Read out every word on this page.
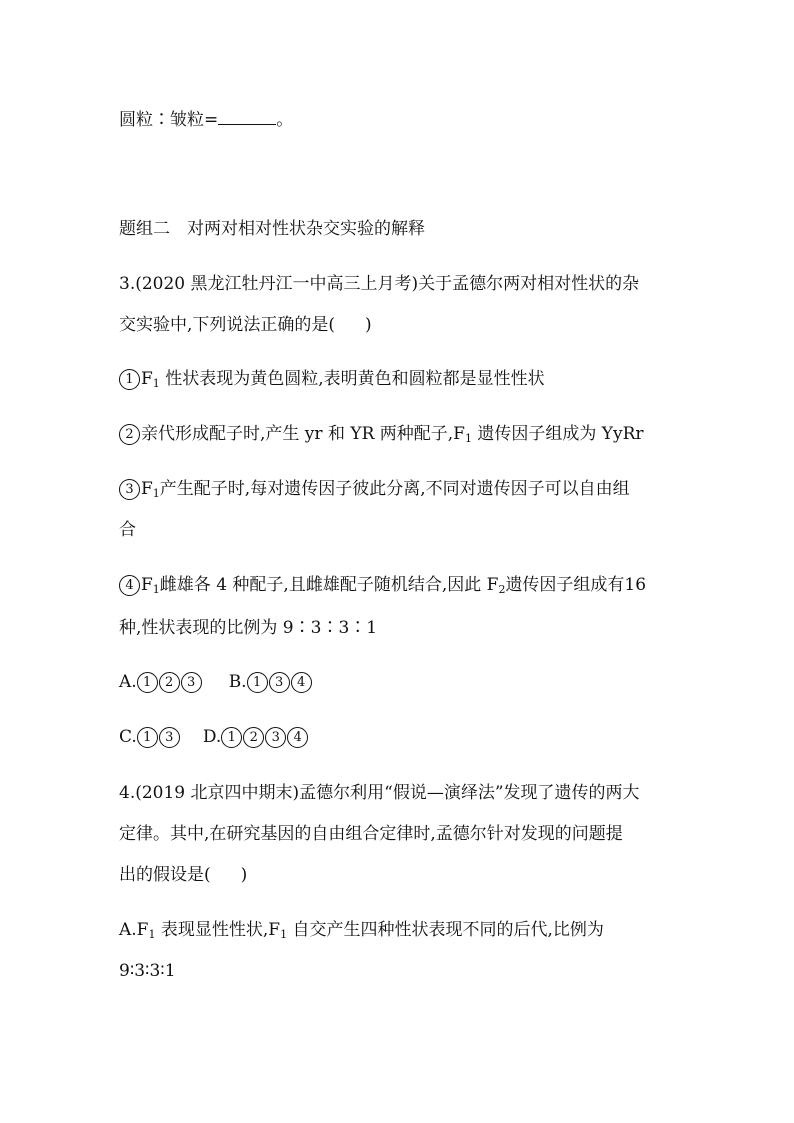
圆粒∶皱粒=	。
题组二　对两对相对性状杂交实验的解释
3.(2020 黑龙江牡丹江一中高三上月考)关于孟德尔两对相对性状的杂
交实验中,下列说法正确的是( )
1 $F_1$ 性状表现为黄色圆粒,表明黄色和圆粒都是显性性状
2 亲代形成配子时,产生 yr 和 YR 两种配子$,F_1$ 遗传因子组成为 YyRr
3 $F_1$产生配子时,每对遗传因子彼此分离,不同对遗传因子可以自由组
合
4 $F_1$雌雄各 4 种配子,且雌雄配子随机结合,因此 $F_2$遗传因子组成有16
种,性状表现的比例为 9∶3∶3∶1
A. 1 2 3 B. 1 3 4
C. 1 3 D. 1 2 3 4
4.(2019 北京四中期末)孟德尔利用“假说—演绎法”发现了遗传的两大
定律。其中,在研究基因的自由组合定律时,孟德尔针对发现的问题提
出的假设是( )
$A.F_1$ 表现显性性状$,F_1$ 自交产生四种性状表现不同的后代,比例为
9∶3∶3∶1
